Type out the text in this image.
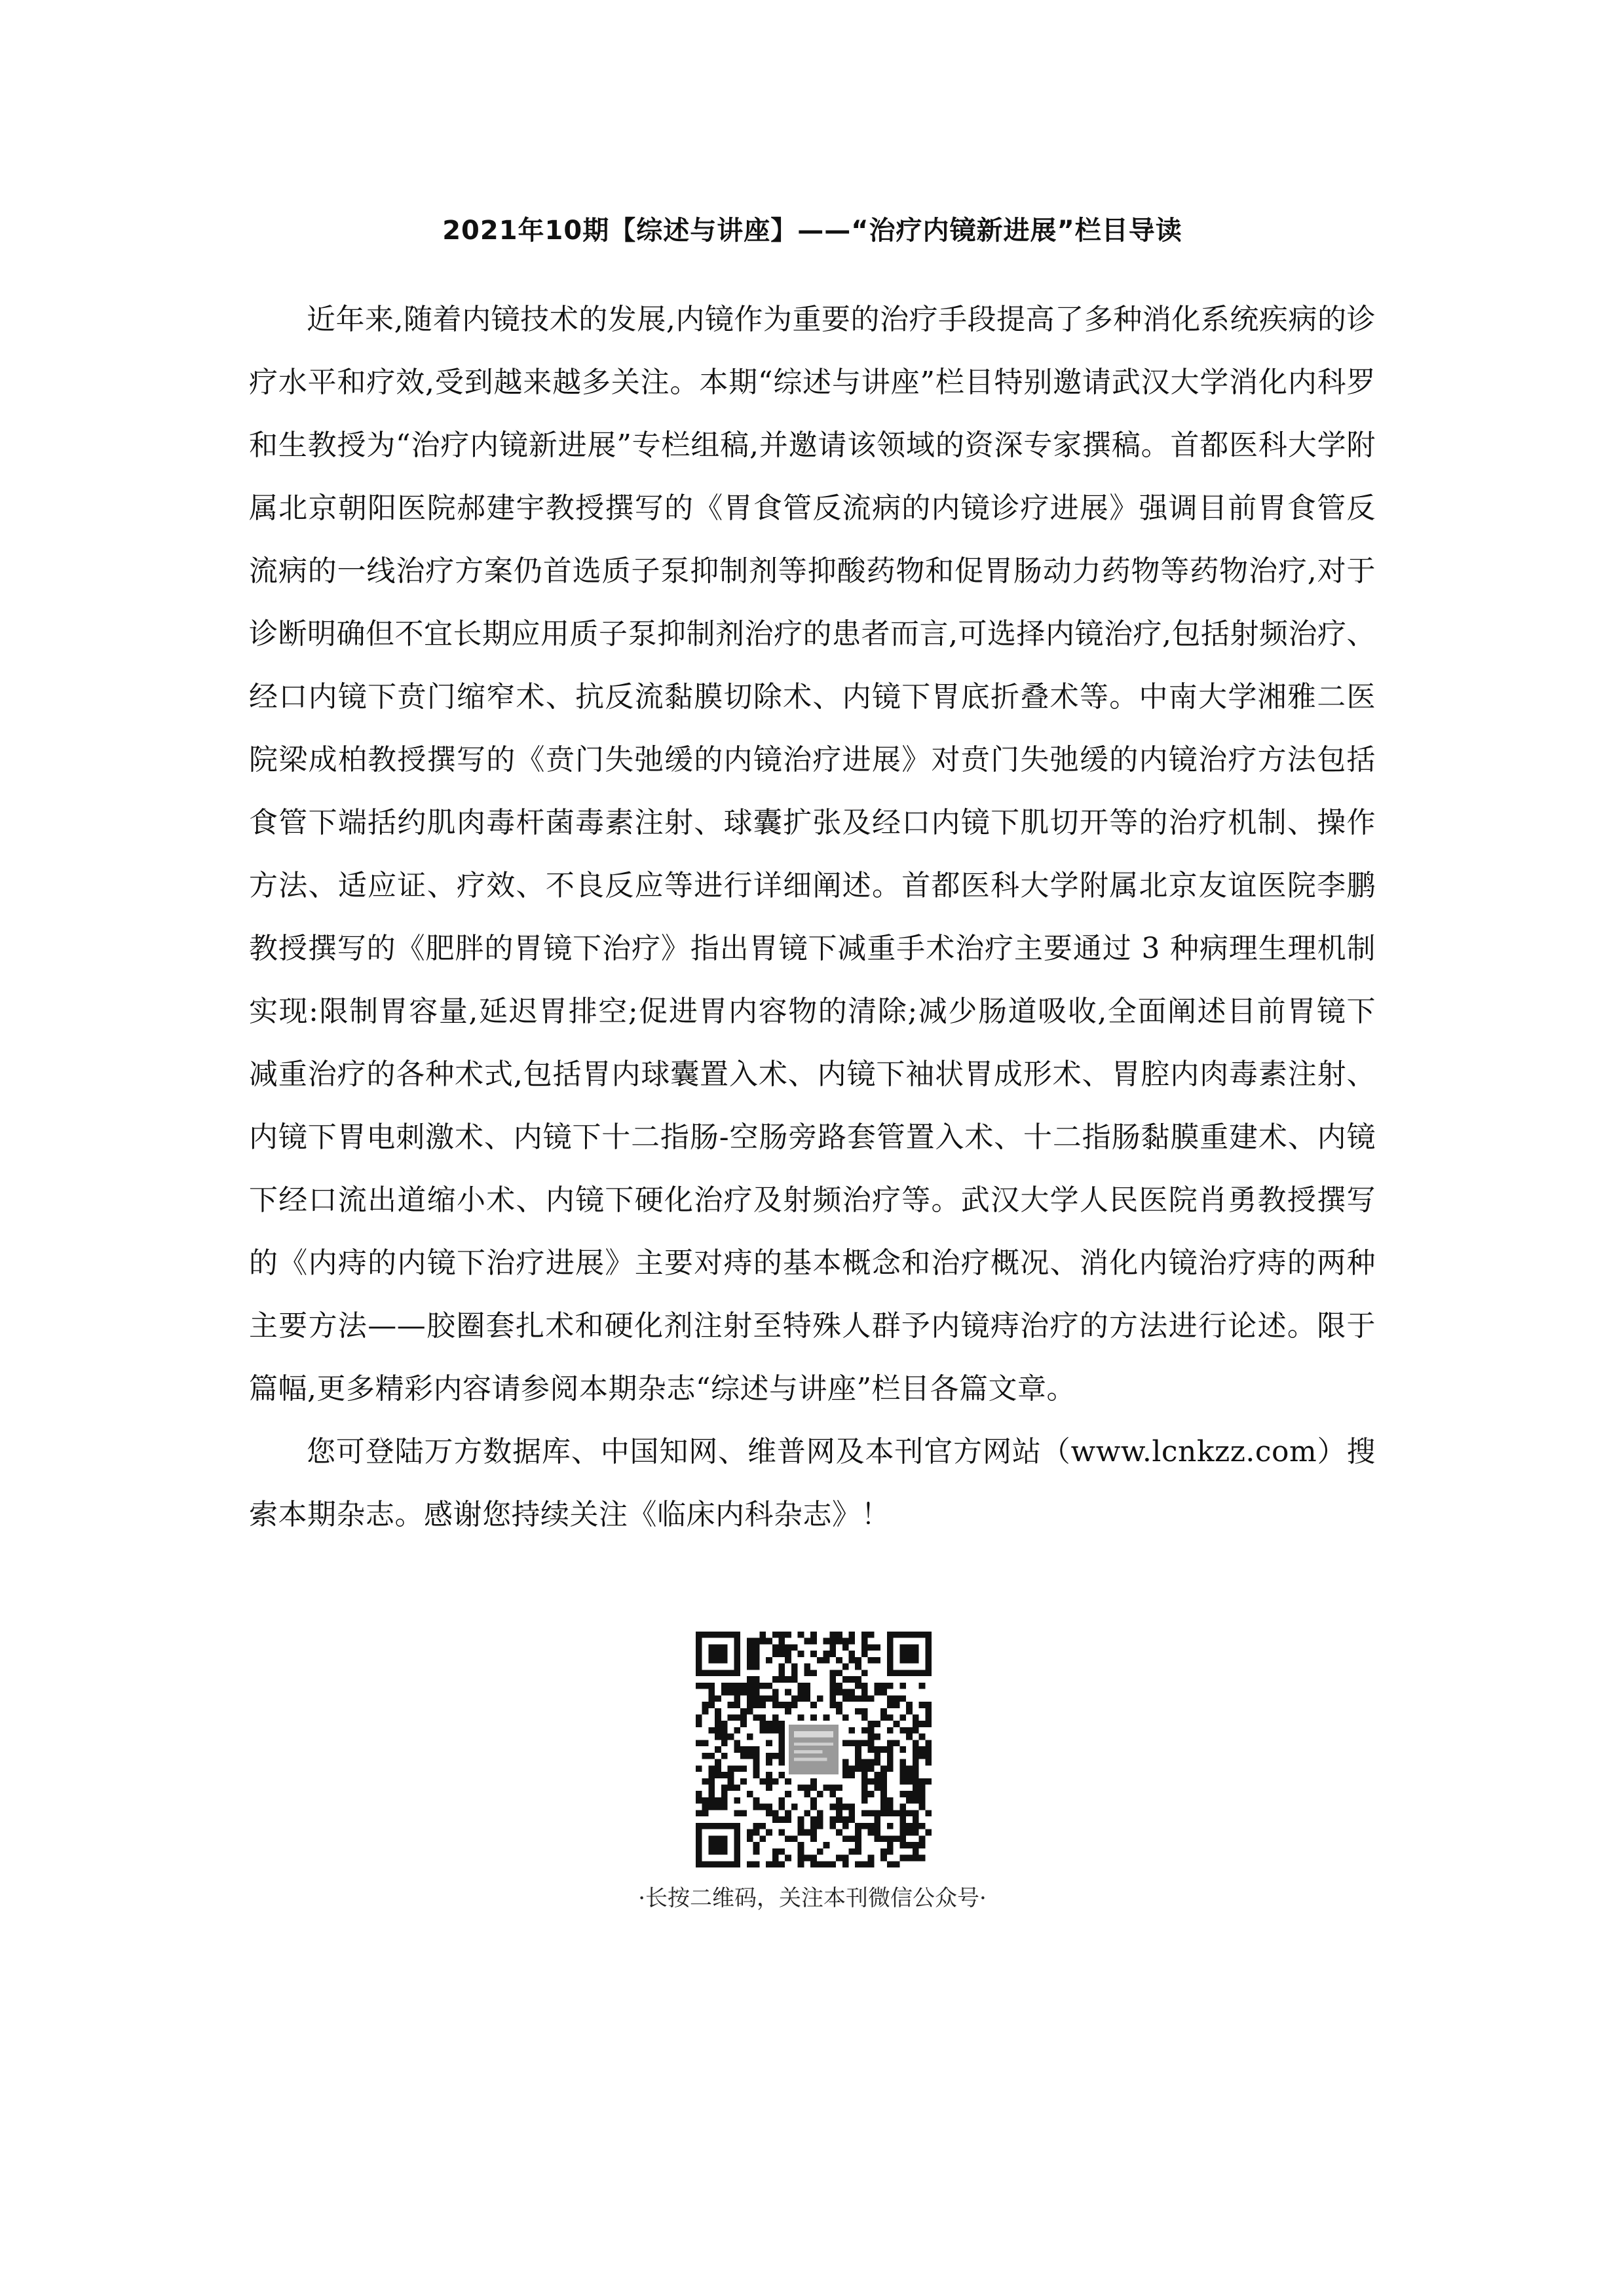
2021年10期【综述与讲座】——“治疗内镜新进展”栏目导读

近年来,随着内镜技术的发展,内镜作为重要的治疗手段提高了多种消化系统疾病的诊疗水平和疗效,受到越来越多关注。本期“综述与讲座”栏目特别邀请武汉大学消化内科罗和生教授为“治疗内镜新进展”专栏组稿,并邀请该领域的资深专家撰稿。首都医科大学附属北京朝阳医院郝建宇教授撰写的《胃食管反流病的内镜诊疗进展》强调目前胃食管反流病的一线治疗方案仍首选质子泵抑制剂等抑酸药物和促胃肠动力药物等药物治疗,对于诊断明确但不宜长期应用质子泵抑制剂治疗的患者而言,可选择内镜治疗,包括射频治疗、经口内镜下贲门缩窄术、抗反流黏膜切除术、内镜下胃底折叠术等。中南大学湘雅二医院梁成柏教授撰写的《贲门失弛缓的内镜治疗进展》对贲门失弛缓的内镜治疗方法包括食管下端括约肌肉毒杆菌毒素注射、球囊扩张及经口内镜下肌切开等的治疗机制、操作方法、适应证、疗效、不良反应等进行详细阐述。首都医科大学附属北京友谊医院李鹏教授撰写的《肥胖的胃镜下治疗》指出胃镜下减重手术治疗主要通过 3 种病理生理机制实现:限制胃容量,延迟胃排空;促进胃内容物的清除;减少肠道吸收,全面阐述目前胃镜下减重治疗的各种术式,包括胃内球囊置入术、内镜下袖状胃成形术、胃腔内肉毒素注射、内镜下胃电刺激术、内镜下十二指肠-空肠旁路套管置入术、十二指肠黏膜重建术、内镜下经口流出道缩小术、内镜下硬化治疗及射频治疗等。武汉大学人民医院肖勇教授撰写的《内痔的内镜下治疗进展》主要对痔的基本概念和治疗概况、消化内镜治疗痔的两种主要方法——胶圈套扎术和硬化剂注射至特殊人群予内镜痔治疗的方法进行论述。限于篇幅,更多精彩内容请参阅本期杂志“综述与讲座”栏目各篇文章。

您可登陆万方数据库、中国知网、维普网及本刊官方网站（www.lcnkzz.com）搜索本期杂志。感谢您持续关注《临床内科杂志》！

·长按二维码，关注本刊微信公众号·
